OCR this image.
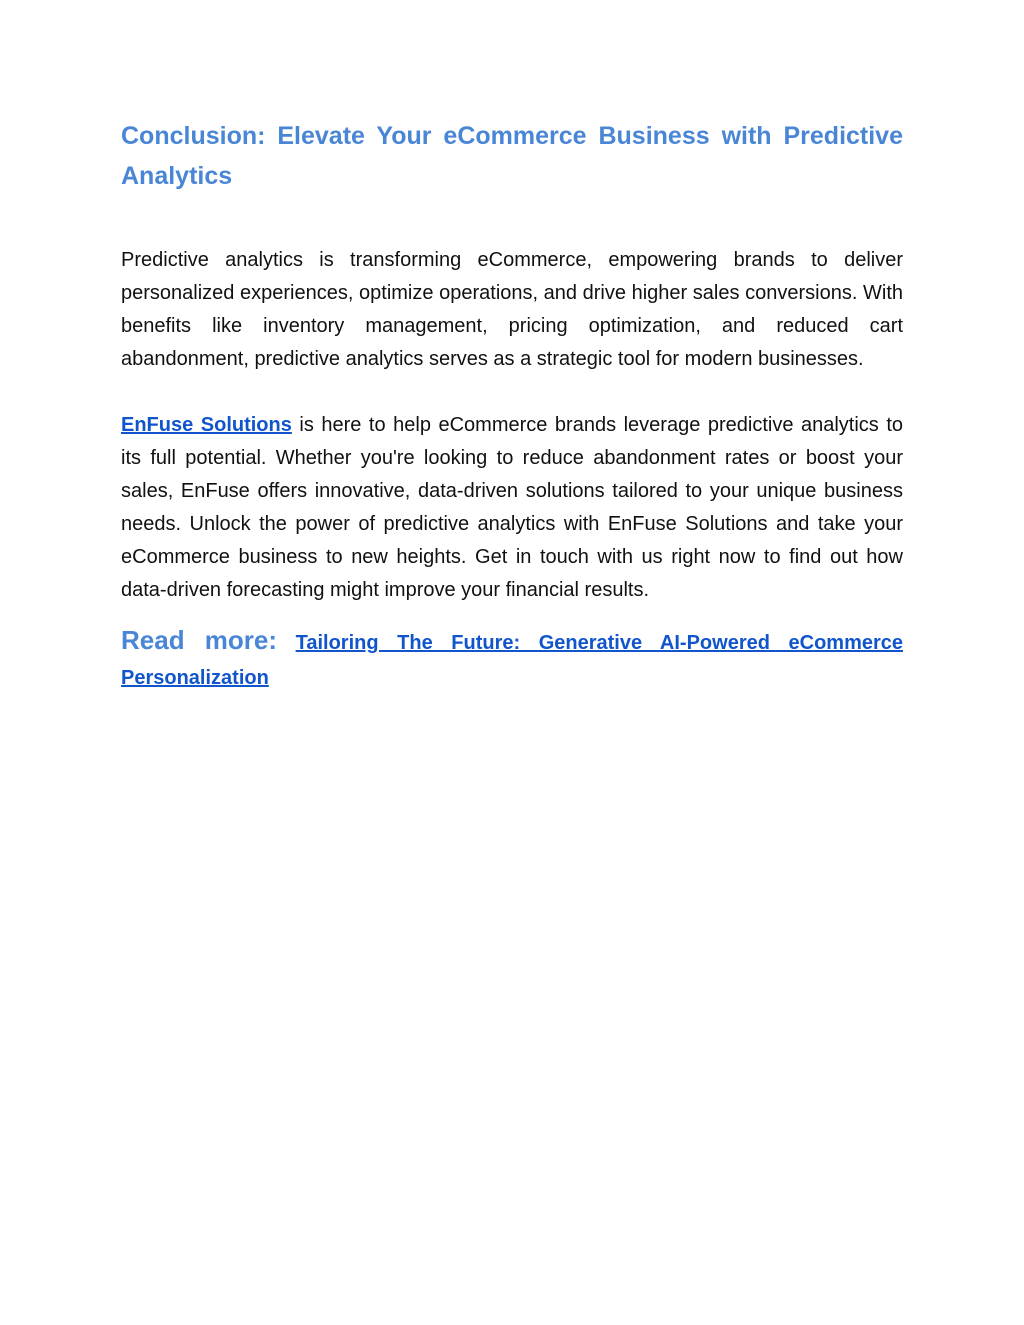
Conclusion: Elevate Your eCommerce Business with Predictive Analytics

Predictive analytics is transforming eCommerce, empowering brands to deliver personalized experiences, optimize operations, and drive higher sales conversions. With benefits like inventory management, pricing optimization, and reduced cart abandonment, predictive analytics serves as a strategic tool for modern businesses.

EnFuse Solutions is here to help eCommerce brands leverage predictive analytics to its full potential. Whether you're looking to reduce abandonment rates or boost your sales, EnFuse offers innovative, data-driven solutions tailored to your unique business needs. Unlock the power of predictive analytics with EnFuse Solutions and take your eCommerce business to new heights. Get in touch with us right now to find out how data-driven forecasting might improve your financial results.

Read more: Tailoring The Future: Generative AI-Powered eCommerce Personalization
